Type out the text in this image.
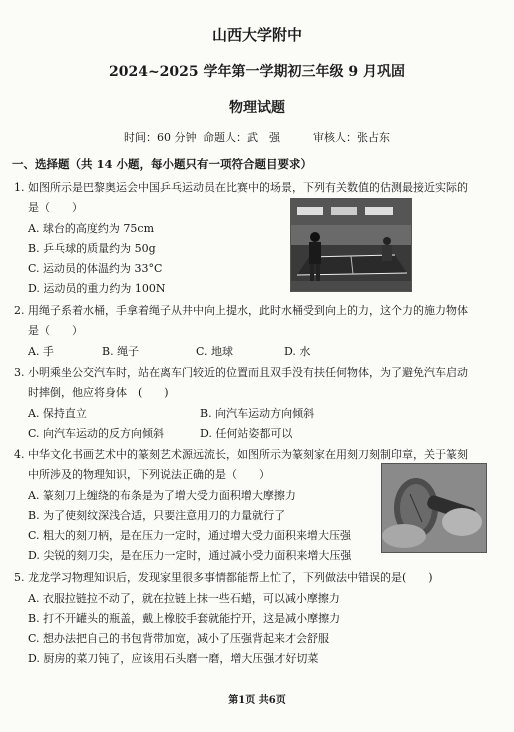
山西大学附中
2024~2025 学年第一学期初三年级 9 月巩固
物理试题
时间：60 分钟 命题人：武　强	审核人：张占东
一、选择题（共 14 小题，每小题只有一项符合题目要求）
1. 如图所示是巴黎奥运会中国乒乓运动员在比赛中的场景，下列有关数值的估测最接近实际的
是（　　）
A. 球台的高度约为 75cm
B. 乒乓球的质量约为 50g
C. 运动员的体温约为 33°C
D. 运动员的重力约为 100N
2. 用绳子系着水桶，手拿着绳子从井中向上提水，此时水桶受到向上的力，这个力的施力物体
是（　　）
A. 手	B. 绳子	C. 地球	D. 水
3. 小明乘坐公交汽车时，站在离车门较近的位置而且双手没有扶任何物体，为了避免汽车启动
时摔倒，他应将身体　(　　)
A. 保持直立	B. 向汽车运动方向倾斜
C. 向汽车运动的反方向倾斜	D. 任何站姿都可以
4. 中华文化书画艺术中的篆刻艺术源远流长，如图所示为篆刻家在用刻刀刻制印章，关于篆刻
中所涉及的物理知识，下列说法正确的是（　　）
A. 篆刻刀上缠绕的布条是为了增大受力面积增大摩擦力
B. 为了使刻纹深浅合适，只要注意用刀的力量就行了
C. 粗大的刻刀柄，是在压力一定时，通过增大受力面积来增大压强
D. 尖锐的刻刀尖，是在压力一定时，通过减小受力面积来增大压强
5. 龙龙学习物理知识后，发现家里很多事情都能帮上忙了，下列做法中错误的是(　　)
A. 衣服拉链拉不动了，就在拉链上抹一些石蜡，可以减小摩擦力
B. 打不开罐头的瓶盖，戴上橡胶手套就能拧开，这是减小摩擦力
C. 想办法把自己的书包背带加宽，减小了压强背起来才会舒服
D. 厨房的菜刀钝了，应该用石头磨一磨，增大压强才好切菜
第1页 共6页
